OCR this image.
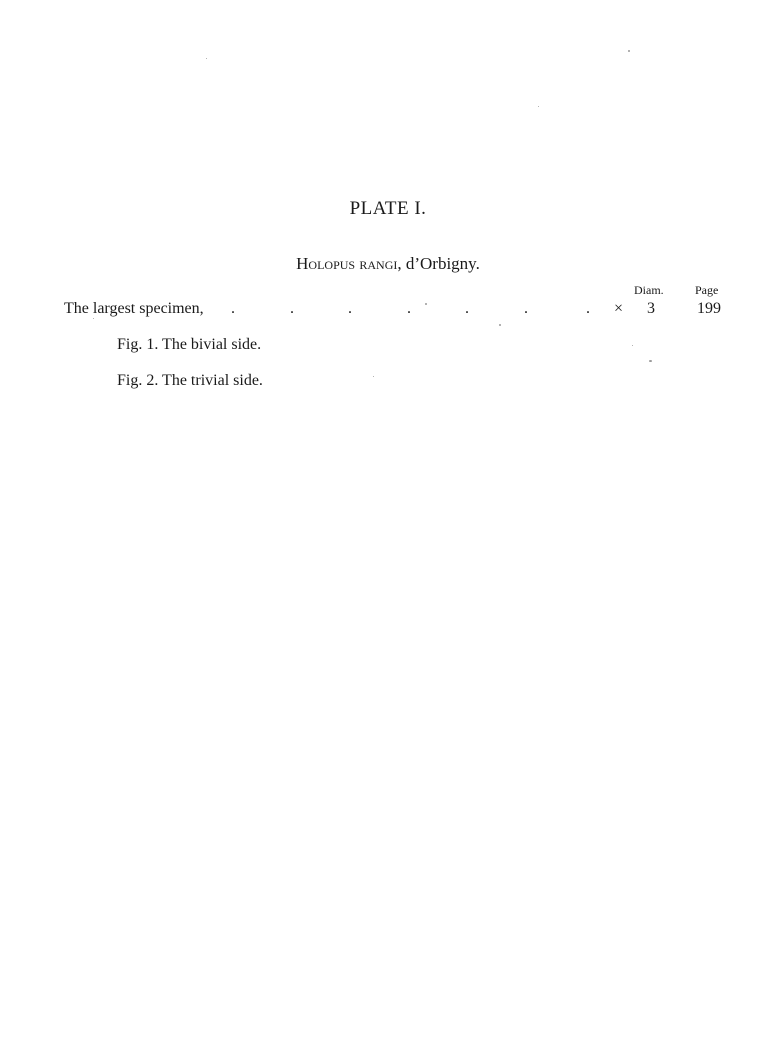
PLATE I.
Holopus rangi, d’Orbigny.
Diam.	Page
The largest specimen, .	.	.	.	.	.	. × 3	199
Fig. 1. The bivial side.
Fig. 2. The trivial side.
